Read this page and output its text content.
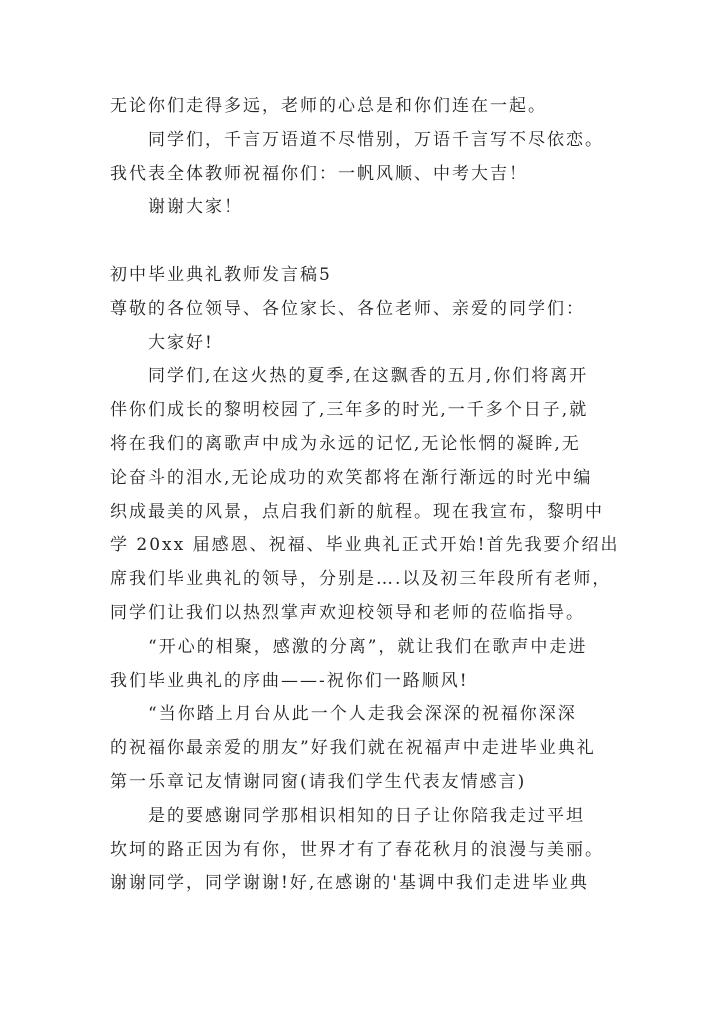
无论你们走得多远，老师的心总是和你们连在一起。
同学们，千言万语道不尽惜别，万语千言写不尽依恋。
我代表全体教师祝福你们：一帆风顺、中考大吉！
谢谢大家！
初中毕业典礼教师发言稿5
尊敬的各位领导、各位家长、各位老师、亲爱的同学们：
大家好!
同学们,在这火热的夏季,在这飘香的五月,你们将离开
伴你们成长的黎明校园了,三年多的时光,一千多个日子,就
将在我们的离歌声中成为永远的记忆,无论怅惘的凝眸,无
论奋斗的泪水,无论成功的欢笑都将在渐行渐远的时光中编
织成最美的风景，点启我们新的航程。现在我宣布，黎明中
学 20xx 届感恩、祝福、毕业典礼正式开始!首先我要介绍出
席我们毕业典礼的领导，分别是….以及初三年段所有老师，
同学们让我们以热烈掌声欢迎校领导和老师的莅临指导。
“开心的相聚，感激的分离”，就让我们在歌声中走进
我们毕业典礼的序曲——-祝你们一路顺风!
“当你踏上月台从此一个人走我会深深的祝福你深深
的祝福你最亲爱的朋友”好我们就在祝福声中走进毕业典礼
第一乐章记友情谢同窗(请我们学生代表友情感言)
是的要感谢同学那相识相知的日子让你陪我走过平坦
坎坷的路正因为有你，世界才有了春花秋月的浪漫与美丽。
谢谢同学，同学谢谢!好,在感谢的'基调中我们走进毕业典
